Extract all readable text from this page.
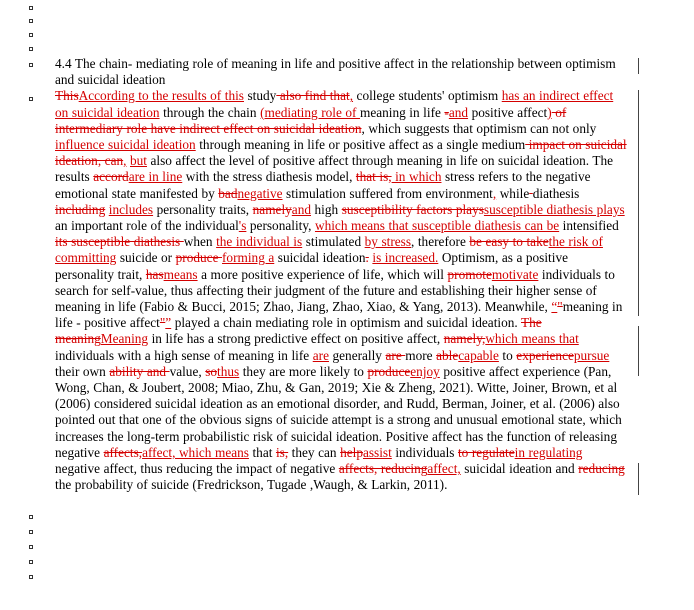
4.4 The chain- mediating role of meaning in life and positive affect in the relationship between optimism and suicidal ideation

ThisAccording to the results of this study also find that, college students' optimism has an indirect effect on suicidal ideation through the chain (mediating role of meaning in life -and positive affect) of intermediary role have indirect effect on suicidal ideation, which suggests that optimism can not only influence suicidal ideation through meaning in life or positive affect as a single medium impact on suicidal ideation, can, but also affect the level of positive affect through meaning in life on suicidal ideation. The results accordare in line with the stress diathesis model, that is, in which stress refers to the negative emotional state manifested by badnegative stimulation suffered from environment, while diathesis including includes personality traits, namelyand high susceptibility factors playssusceptible diathesis plays an important role of the individual's personality, which means that susceptible diathesis can be intensified its susceptible diathesis when the individual is stimulated by stress, therefore be easy to takethe risk of committing suicide or produce forming a suicidal ideation. is increased. Optimism, as a positive personality trait, hasmeans a more positive experience of life, which will promotemotivate individuals to search for self-value, thus affecting their judgment of the future and establishing their higher sense of meaning in life (Fabio & Bucci, 2015; Zhao, Jiang, Zhao, Xiao, & Yang, 2013). Meanwhile, “"meaning in life - positive affect"” played a chain mediating role in optimism and suicidal ideation. The meaningMeaning in life has a strong predictive effect on positive affect, namely,which means that individuals with a high sense of meaning in life are generally are more ablecapable to experiencepursue their own ability and value, sothus they are more likely to produceenjoy positive affect experience (Pan, Wong, Chan, & Joubert, 2008; Miao, Zhu, & Gan, 2019; Xie & Zheng, 2021). Witte, Joiner, Brown, et al (2006) considered suicidal ideation as an emotional disorder, and Rudd, Berman, Joiner, et al. (2006) also pointed out that one of the obvious signs of suicide attempt is a strong and unusual emotional state, which increases the long-term probabilistic risk of suicidal ideation. Positive affect has the function of releasing negative affects,affect, which means that is, they can helpassist individuals to regulatein regulating negative affect, thus reducing the impact of negative affects, reducingaffect, suicidal ideation and reducing the probability of suicide (Fredrickson, Tugade ,Waugh, & Larkin, 2011).
